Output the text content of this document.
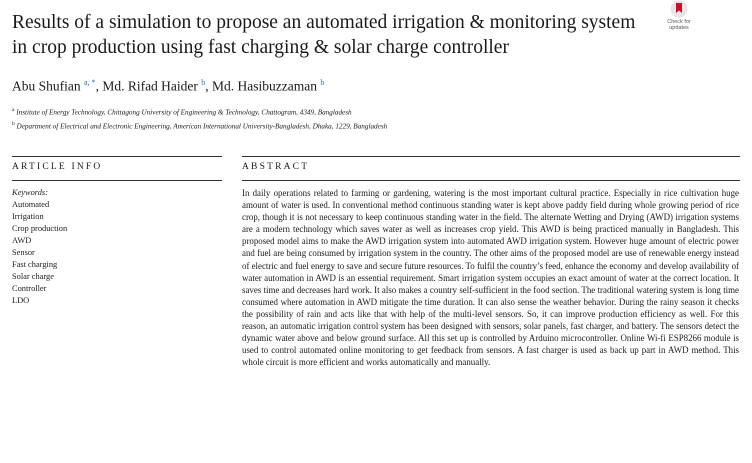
Results of a simulation to propose an automated irrigation & monitoring system in crop production using fast charging & solar charge controller
Check for updates
Abu Shufian $^{a, *}$, Md. Rifad Haider $^b$, Md. Hasibuzzaman $^b$
$^a$ Institute of Energy Technology, Chittagong University of Engineering & Technology, Chattogram, 4349, Bangladesh
$^b$ Department of Electrical and Electronic Engineering, American International University-Bangladesh, Dhaka, 1229, Bangladesh
ARTICLE INFO	ABSTRACT
Keywords:
Automated
Irrigation
Crop production
AWD
Sensor
Fast charging
Solar charge
Controller
LDO

In daily operations related to farming or gardening, watering is the most important cultural practice. Especially in rice cultivation huge amount of water is used. In conventional method continuous standing water is kept above paddy field during whole growing period of rice crop, though it is not necessary to keep continuous standing water in the field. The alternate Wetting and Drying (AWD) irrigation systems are a modern technology which saves water as well as increases crop yield. This AWD is being practiced manually in Bangladesh. This proposed model aims to make the AWD irrigation system into automated AWD irrigation system. However huge amount of electric power and fuel are being consumed by irrigation system in the country. The other aims of the proposed model are use of renewable energy instead of electric and fuel energy to save and secure future resources. To fulfil the country’s feed, enhance the economy and develop availability of water automation in AWD is an essential requirement. Smart irrigation system occupies an exact amount of water at the correct location. It saves time and decreases hard work. It also makes a country self-sufficient in the food section. The traditional watering system is long time consumed where automation in AWD mitigate the time duration. It can also sense the weather behavior. During the rainy season it checks the possibility of rain and acts like that with help of the multi-level sensors. So, it can improve production efficiency as well. For this reason, an automatic irrigation control system has been designed with sensors, solar panels, fast charger, and battery. The sensors detect the dynamic water above and below ground surface. All this set up is controlled by Arduino microcontroller. Online Wi-fi ESP8266 module is used to control automated online monitoring to get feedback from sensors. A fast charger is used as back up part in AWD method. This whole circuit is more efficient and works automatically and manually.
